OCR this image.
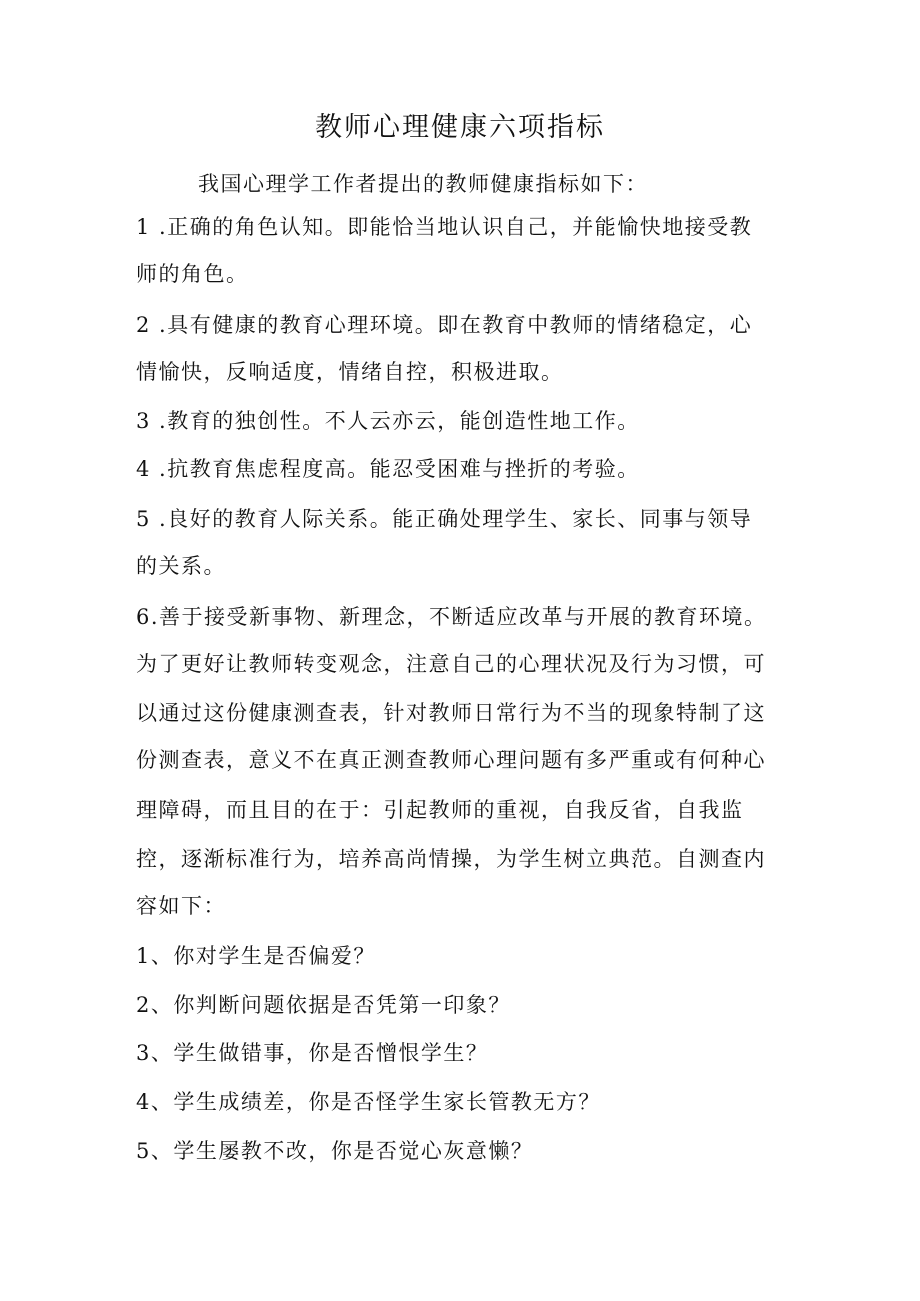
教师心理健康六项指标
我国心理学工作者提出的教师健康指标如下：
1 .正确的角色认知。即能恰当地认识自己，并能愉快地接受教
师的角色。
2 .具有健康的教育心理环境。即在教育中教师的情绪稳定，心
情愉快，反响适度，情绪自控，积极进取。
3 .教育的独创性。不人云亦云，能创造性地工作。
4 .抗教育焦虑程度高。能忍受困难与挫折的考验。
5 .良好的教育人际关系。能正确处理学生、家长、同事与领导
的关系。
6.善于接受新事物、新理念，不断适应改革与开展的教育环境。
为了更好让教师转变观念，注意自己的心理状况及行为习惯，可
以通过这份健康测查表，针对教师日常行为不当的现象特制了这
份测查表，意义不在真正测查教师心理问题有多严重或有何种心
理障碍，而且目的在于：引起教师的重视，自我反省，自我监
控，逐渐标准行为，培养高尚情操，为学生树立典范。自测查内
容如下：
1、你对学生是否偏爱？
2、你判断问题依据是否凭第一印象？
3、学生做错事，你是否憎恨学生？
4、学生成绩差，你是否怪学生家长管教无方？
5、学生屡教不改，你是否觉心灰意懒？
